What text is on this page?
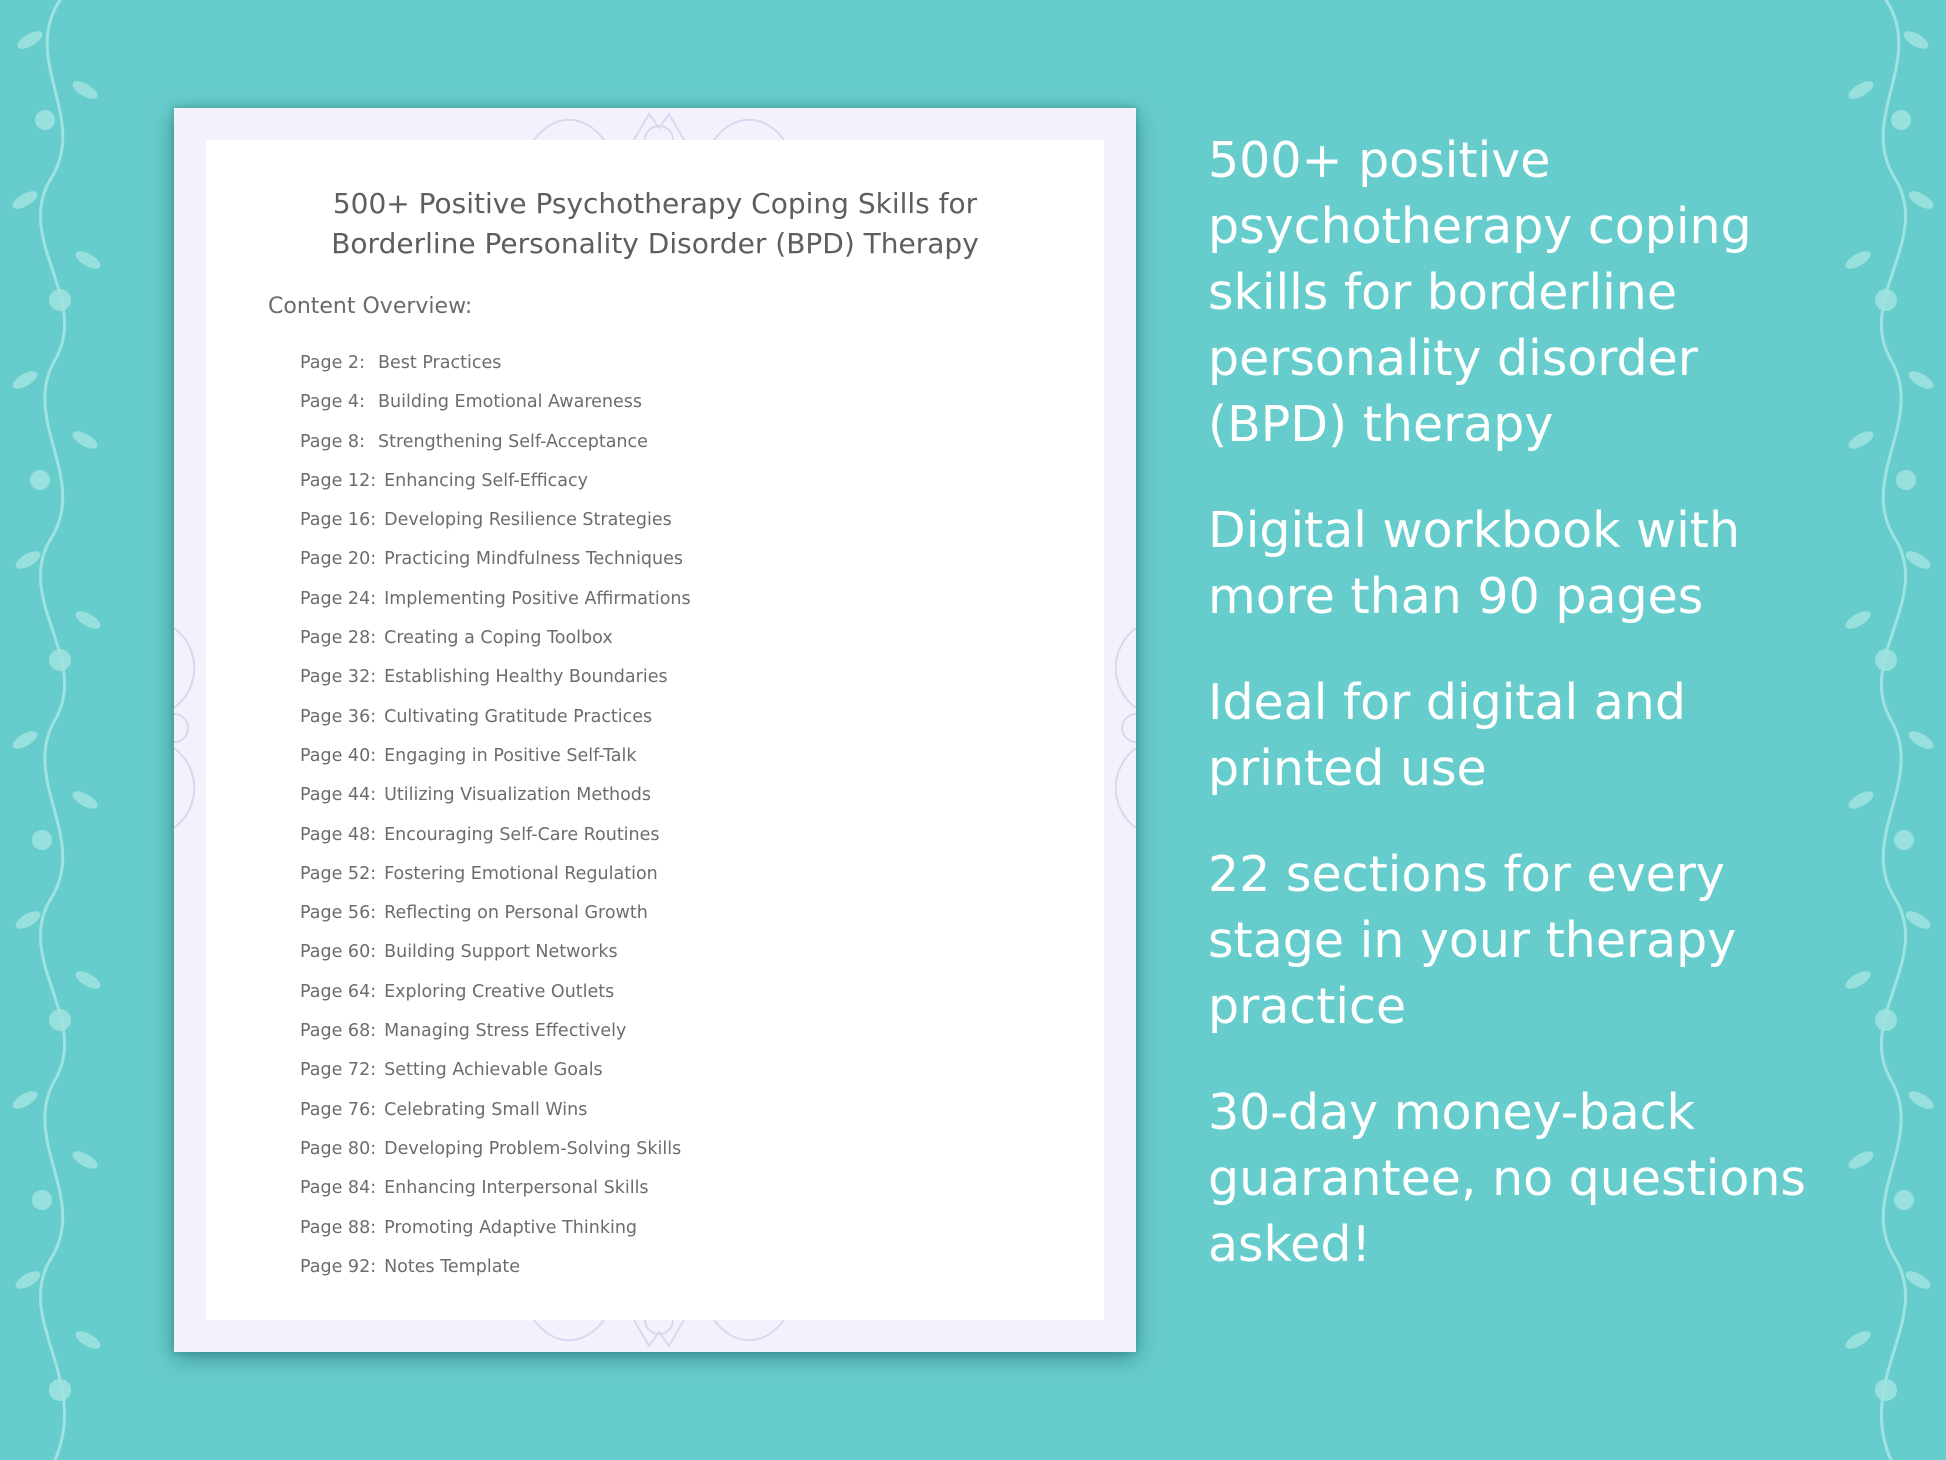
500+ Positive Psychotherapy Coping Skills for
Borderline Personality Disorder (BPD) Therapy
Content Overview:
Page 2: Best Practices
Page 4: Building Emotional Awareness
Page 8: Strengthening Self-Acceptance
Page 12: Enhancing Self-Efficacy
Page 16: Developing Resilience Strategies
Page 20: Practicing Mindfulness Techniques
Page 24: Implementing Positive Affirmations
Page 28: Creating a Coping Toolbox
Page 32: Establishing Healthy Boundaries
Page 36: Cultivating Gratitude Practices
Page 40: Engaging in Positive Self-Talk
Page 44: Utilizing Visualization Methods
Page 48: Encouraging Self-Care Routines
Page 52: Fostering Emotional Regulation
Page 56: Reflecting on Personal Growth
Page 60: Building Support Networks
Page 64: Exploring Creative Outlets
Page 68: Managing Stress Effectively
Page 72: Setting Achievable Goals
Page 76: Celebrating Small Wins
Page 80: Developing Problem-Solving Skills
Page 84: Enhancing Interpersonal Skills
Page 88: Promoting Adaptive Thinking
Page 92: Notes Template

500+ positive psychotherapy coping skills for borderline personality disorder (BPD) therapy

Digital workbook with more than 90 pages

Ideal for digital and printed use

22 sections for every stage in your therapy practice

30-day money-back guarantee, no questions asked!
